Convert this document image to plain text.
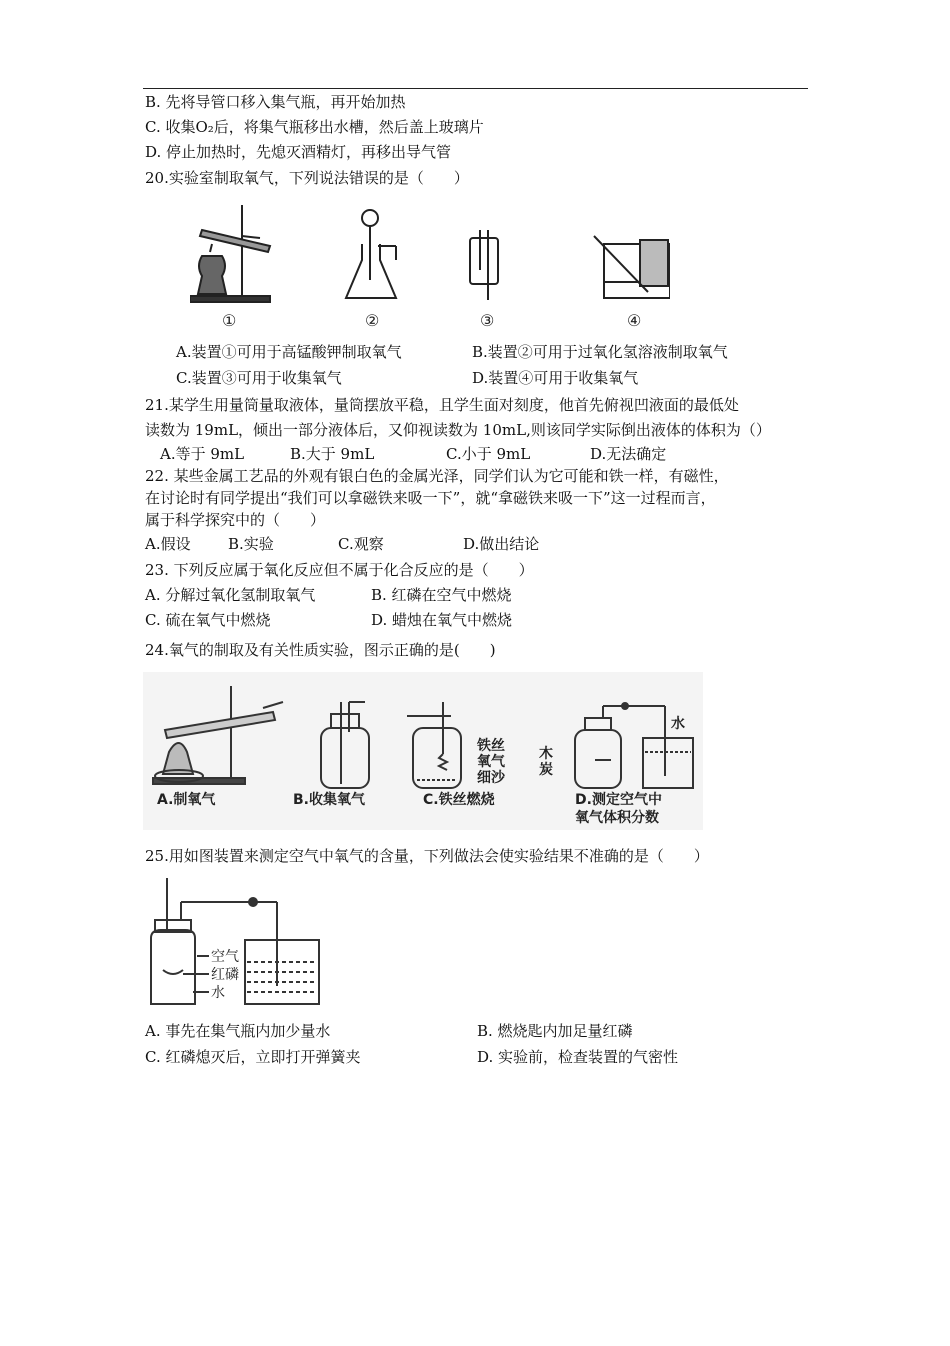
B. 先将导管口移入集气瓶，再开始加热
C. 收集O₂后，将集气瓶移出水槽，然后盖上玻璃片
D. 停止加热时，先熄灭酒精灯，再移出导气管
20.实验室制取氧气，下列说法错误的是（　　）
①	②	③	④
A.装置①可用于高锰酸钾制取氧气	B.装置②可用于过氧化氢溶液制取氧气
C.装置③可用于收集氧气	D.装置④可用于收集氧气
21.某学生用量筒量取液体，量筒摆放平稳，且学生面对刻度，他首先俯视凹液面的最低处
读数为 19mL，倾出一部分液体后，又仰视读数为 10mL,则该同学实际倒出液体的体积为（）
A.等于 9mL	B.大于 9mL	C.小于 9mL	D.无法确定
22. 某些金属工艺品的外观有银白色的金属光泽，同学们认为它可能和铁一样，有磁性，
在讨论时有同学提出“我们可以拿磁铁来吸一下”，就“拿磁铁来吸一下”这一过程而言，
属于科学探究中的（　　）
A.假设 B.实验	C.观察	D.做出结论
23. 下列反应属于氧化反应但不属于化合反应的是（　　）
A. 分解过氧化氢制取氧气	B. 红磷在空气中燃烧
C. 硫在氧气中燃烧	D. 蜡烛在氧气中燃烧
24.氧气的制取及有关性质实验，图示正确的是(　　)
铁丝
氧气
细沙
木
炭
水
A.制氧气	B.收集氧气	C.铁丝燃烧	D.测定空气中
氧气体积分数
25.用如图装置来测定空气中氧气的含量，下列做法会使实验结果不准确的是（　　）
空气
红磷
水
A. 事先在集气瓶内加少量水	B. 燃烧匙内加足量红磷
C. 红磷熄灭后，立即打开弹簧夹	D. 实验前，检查装置的气密性
